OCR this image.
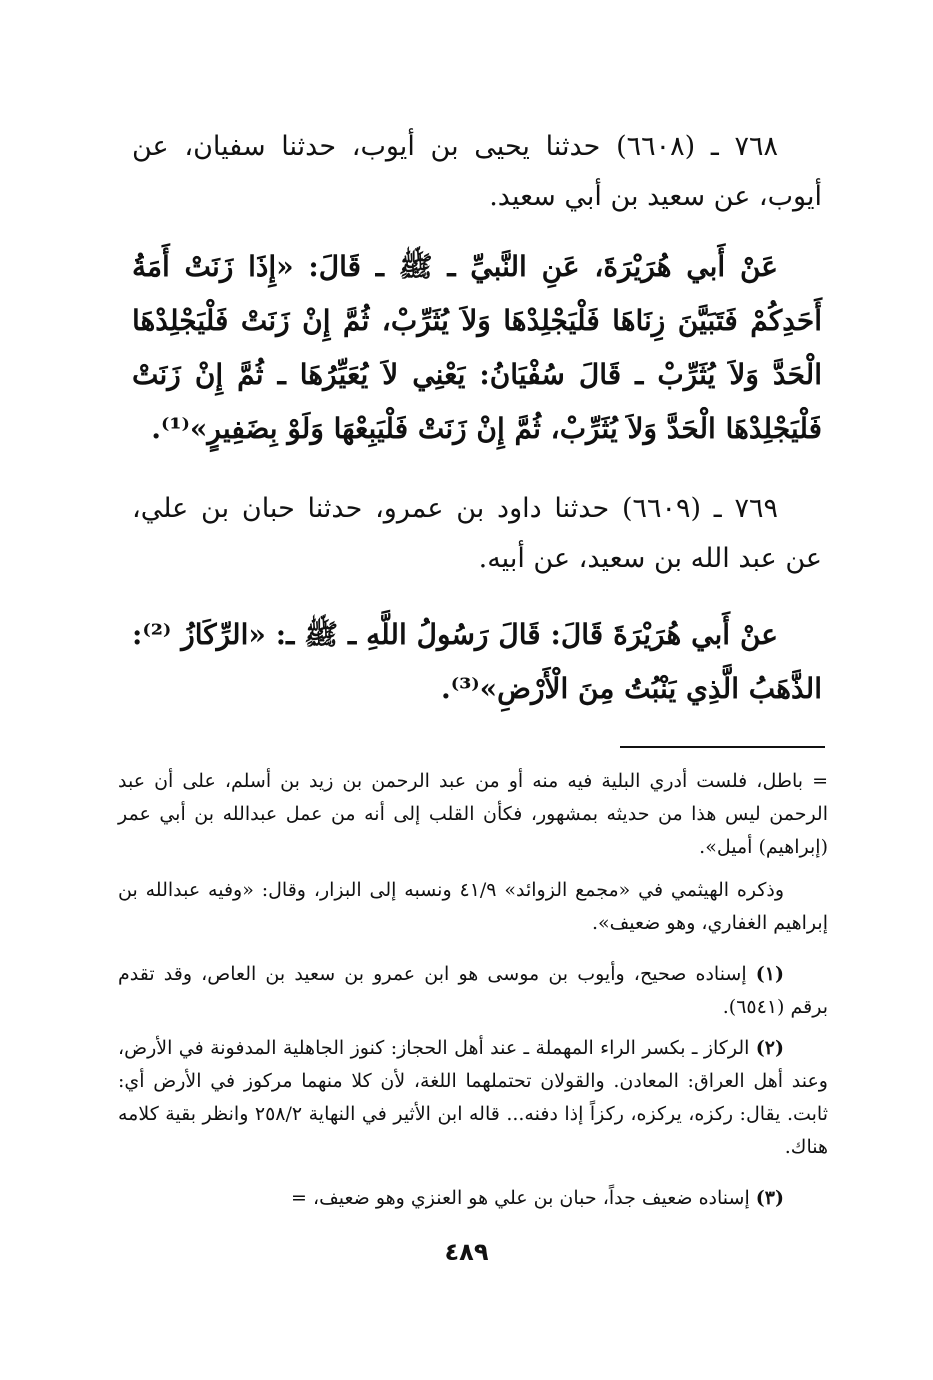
٧٦٨ ـ (٦٦٠٨) حدثنا يحيى بن أيوب، حدثنا سفيان، عن أيوب، عن سعيد بن أبي سعيد.
عَنْ أَبي هُرَيْرَةَ، عَنِ النَّبيِّ ـ ﷺ ـ قَالَ: «إِذَا زَنَتْ أَمَةُ أَحَدِكُمْ فَتَبَيَّنَ زِنَاهَا فَلْيَجْلِدْهَا وَلاَ يُثَرِّبْ، ثُمَّ إِنْ زَنَتْ فَلْيَجْلِدْهَا الْحَدَّ وَلاَ يُثَرِّبْ ـ قَالَ سُفْيَانُ: يَعْنِي لاَ يُعَيِّرُهَا ـ ثُمَّ إِنْ زَنَتْ فَلْيَجْلِدْهَا الْحَدَّ وَلاَ يُثَرِّبْ، ثُمَّ إِنْ زَنَتْ فَلْيَبِعْهَا وَلَوْ بِضَفِيرٍ»⁽¹⁾.
٧٦٩ ـ (٦٦٠٩) حدثنا داود بن عمرو، حدثنا حبان بن علي، عن عبد الله بن سعيد، عن أبيه.
عنْ أَبي هُرَيْرَةَ قَالَ: قَالَ رَسُولُ اللَّهِ ـ ﷺ ـ: «الرِّكَازُ ⁽²⁾: الذَّهَبُ الَّذِي يَنْبُتُ مِنَ الْأَرْضِ»⁽³⁾.
= باطل، فلست أدري البلية فيه منه أو من عبد الرحمن بن زيد بن أسلم، على أن عبد الرحمن ليس هذا من حديثه بمشهور، فكأن القلب إلى أنه من عمل عبدالله بن أبي عمر (إبراهيم) أميل».
وذكره الهيثمي في «مجمع الزوائد» ٤١/٩ ونسبه إلى البزار، وقال: «وفيه عبدالله بن إبراهيم الغفاري، وهو ضعيف».
(١) إسناده صحيح، وأيوب بن موسى هو ابن عمرو بن سعيد بن العاص، وقد تقدم برقم (٦٥٤١).
(٢) الركاز ـ بكسر الراء المهملة ـ عند أهل الحجاز: كنوز الجاهلية المدفونة في الأرض، وعند أهل العراق: المعادن. والقولان تحتملهما اللغة، لأن كلا منهما مركوز في الأرض أي: ثابت. يقال: ركزه، يركزه، ركزاً إذا دفنه... قاله ابن الأثير في النهاية ٢٥٨/٢ وانظر بقية كلامه هناك.
(٣) إسناده ضعيف جداً، حبان بن علي هو العنزي وهو ضعيف، =
٤٨٩
